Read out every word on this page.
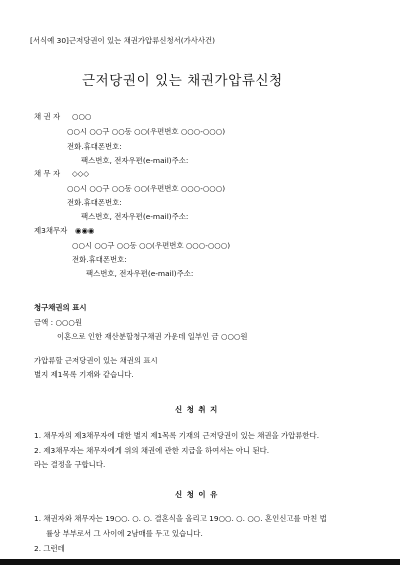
[서식예 30]근저당권이 있는 채권가압류신청서(가사사건)
근저당권이 있는 채권가압류신청
채 권 자 ○○○
○○시 ○○구 ○○동 ○○(우편번호 ○○○-○○○)
전화.휴대폰번호:
팩스번호, 전자우편(e-mail)주소:
채 무 자 ◇◇◇
○○시 ○○구 ○○동 ○○(우편번호 ○○○-○○○)
전화.휴대폰번호:
팩스번호, 전자우편(e-mail)주소:
제3채무자 ◉◉◉
○○시 ○○구 ○○동 ○○(우편번호 ○○○-○○○)
전화.휴대폰번호:
팩스번호, 전자우편(e-mail)주소:
청구채권의 표시
금액 : ○○○원
이혼으로 인한 재산분할청구채권 가운데 일부인 금 ○○○원
가압류할 근저당권이 있는 채권의 표시
별지 제1목록 기재와 같습니다.
신 청 취 지
1. 채무자의 제3채무자에 대한 별지 제1목록 기재의 근저당권이 있는 채권을 가압류한다.
2. 제3채무자는 채무자에게 위의 채권에 관한 지급을 하여서는 아니 된다.
라는 결정을 구합니다.
신 청 이 유
1. 채권자와 채무자는 19○○. ○. ○. 결혼식을 올리고 19○○. ○. ○○. 혼인신고를 마친 법
률상 부부로서 그 사이에 2남매를 두고 있습니다.
2. 그런데
